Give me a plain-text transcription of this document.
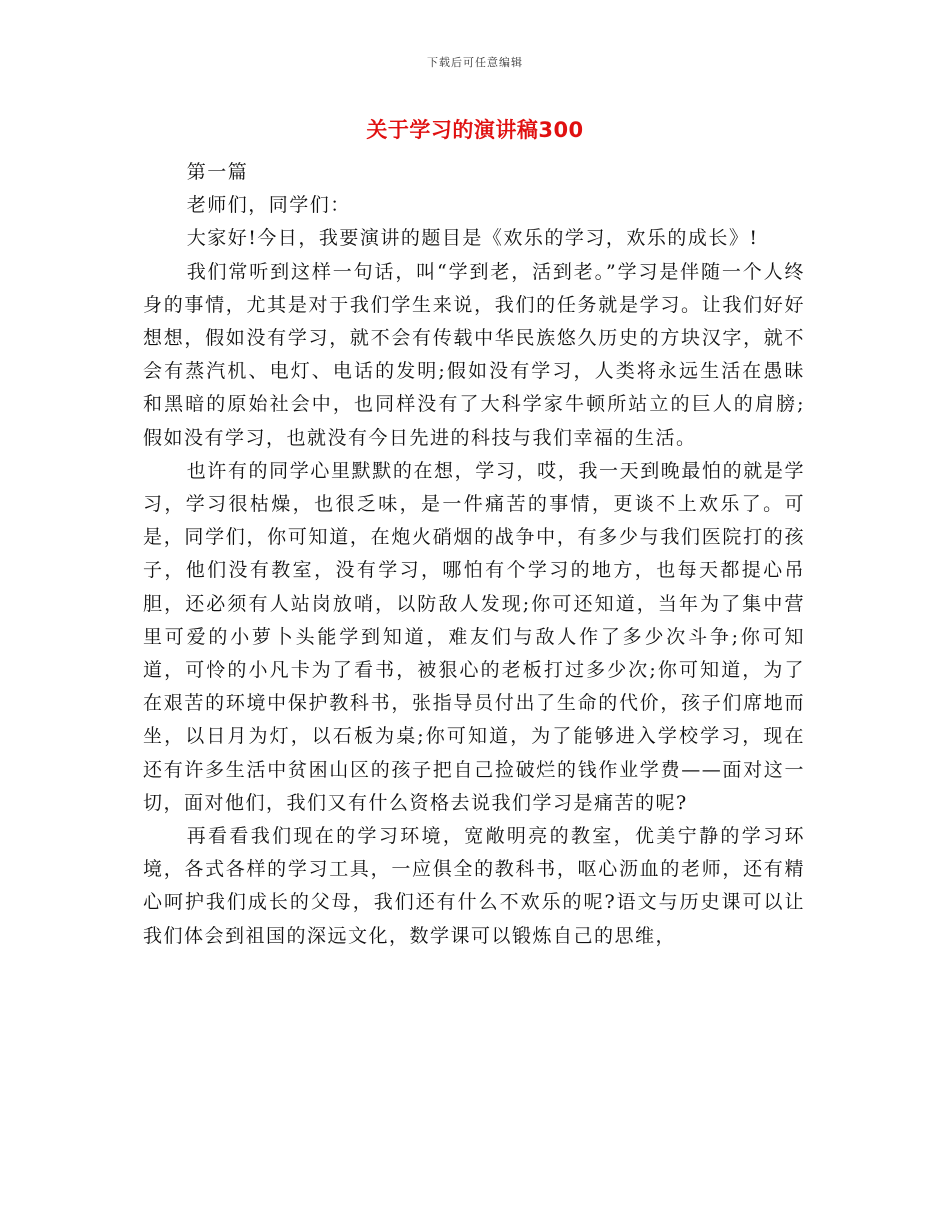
下载后可任意编辑
关于学习的演讲稿300

第一篇

老师们，同学们：

大家好!今日，我要演讲的题目是《欢乐的学习，欢乐的成长》!

我们常听到这样一句话，叫“学到老，活到老。”学习是伴随一个人终身的事情，尤其是对于我们学生来说，我们的任务就是学习。让我们好好想想，假如没有学习，就不会有传载中华民族悠久历史的方块汉字，就不会有蒸汽机、电灯、电话的发明;假如没有学习，人类将永远生活在愚昧和黑暗的原始社会中，也同样没有了大科学家牛顿所站立的巨人的肩膀;假如没有学习，也就没有今日先进的科技与我们幸福的生活。

也许有的同学心里默默的在想，学习，哎，我一天到晚最怕的就是学习，学习很枯燥，也很乏味，是一件痛苦的事情，更谈不上欢乐了。可是，同学们，你可知道，在炮火硝烟的战争中，有多少与我们医院打的孩子，他们没有教室，没有学习，哪怕有个学习的地方，也每天都提心吊胆，还必须有人站岗放哨，以防敌人发现;你可还知道，当年为了集中营里可爱的小萝卜头能学到知道，难友们与敌人作了多少次斗争;你可知道，可怜的小凡卡为了看书，被狠心的老板打过多少次;你可知道，为了在艰苦的环境中保护教科书，张指导员付出了生命的代价，孩子们席地而坐，以日月为灯，以石板为桌;你可知道，为了能够进入学校学习，现在还有许多生活中贫困山区的孩子把自己捡破烂的钱作业学费——面对这一切，面对他们，我们又有什么资格去说我们学习是痛苦的呢?

再看看我们现在的学习环境，宽敞明亮的教室，优美宁静的学习环境，各式各样的学习工具，一应俱全的教科书，呕心沥血的老师，还有精心呵护我们成长的父母，我们还有什么不欢乐的呢?语文与历史课可以让我们体会到祖国的深远文化，数学课可以锻炼自己的思维，
